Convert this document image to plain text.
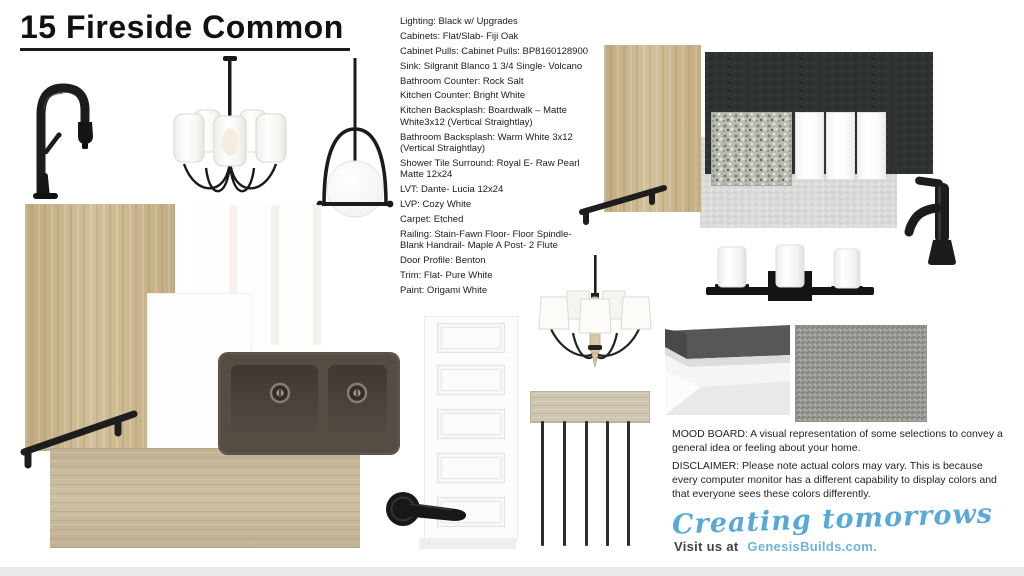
15 Fireside Common	Lighting: Black w/ Upgrades
Cabinets: Flat/Slab- Fiji Oak
Cabinet Pulls: Cabinet Pulls: BP8160128900
Sink: Silgranit Blanco 1 3/4 Single- Volcano
Bathroom Counter: Rock Salt
Kitchen Counter: Bright White
Kitchen Backsplash: Boardwalk – Matte White3x12 (Vertical Straightlay)
Bathroom Backsplash: Warm White 3x12 (Vertical Straightlay)
Shower Tile Surround: Royal E- Raw Pearl Matte 12x24
LVT: Dante- Lucia 12x24
LVP: Cozy White
Carpet: Etched
Railing: Stain-Fawn Floor- Floor Spindle-Blank Handrail- Maple A Post- 2 Flute
Door Profile: Benton
Trim: Flat- Pure White
Paint: Origami White
MOOD BOARD: A visual representation of some selections to convey a general idea or feeling about your home.
DISCLAIMER: Please note actual colors may vary. This is because every computer monitor has a different capability to display colors and that everyone sees these colors differently.
Creating tomorrows
Visit us at GenesisBuilds.com.
